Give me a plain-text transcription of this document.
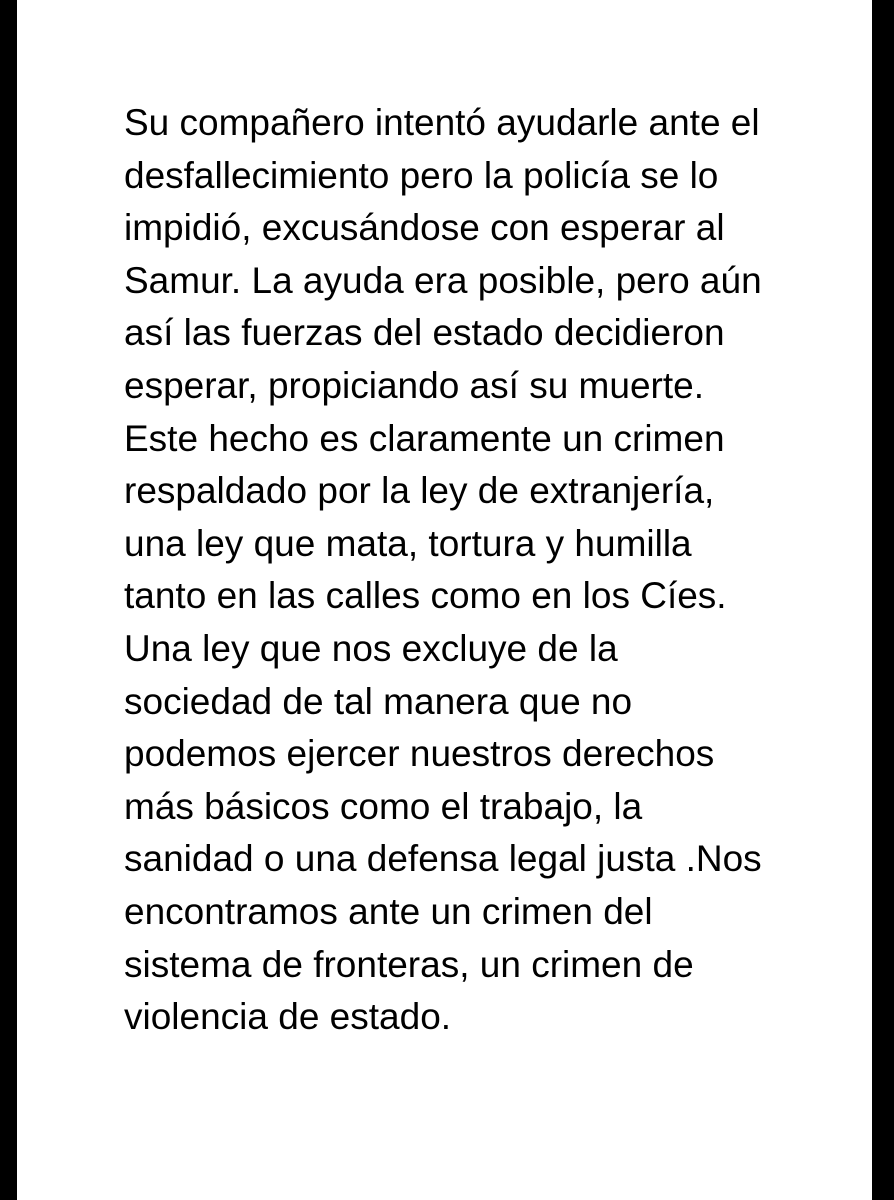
Su compañero intentó ayudarle ante el
desfallecimiento pero la policía se lo
impidió, excusándose con esperar al
Samur. La ayuda era posible, pero aún
así las fuerzas del estado decidieron
esperar, propiciando así su muerte.
Este hecho es claramente un crimen
respaldado por la ley de extranjería,
una ley que mata, tortura y humilla
tanto en las calles como en los Cíes.
Una ley que nos excluye de la
sociedad de tal manera que no
podemos ejercer nuestros derechos
más básicos como el trabajo, la
sanidad o una defensa legal justa .Nos
encontramos ante un crimen del
sistema de fronteras, un crimen de
violencia de estado.
